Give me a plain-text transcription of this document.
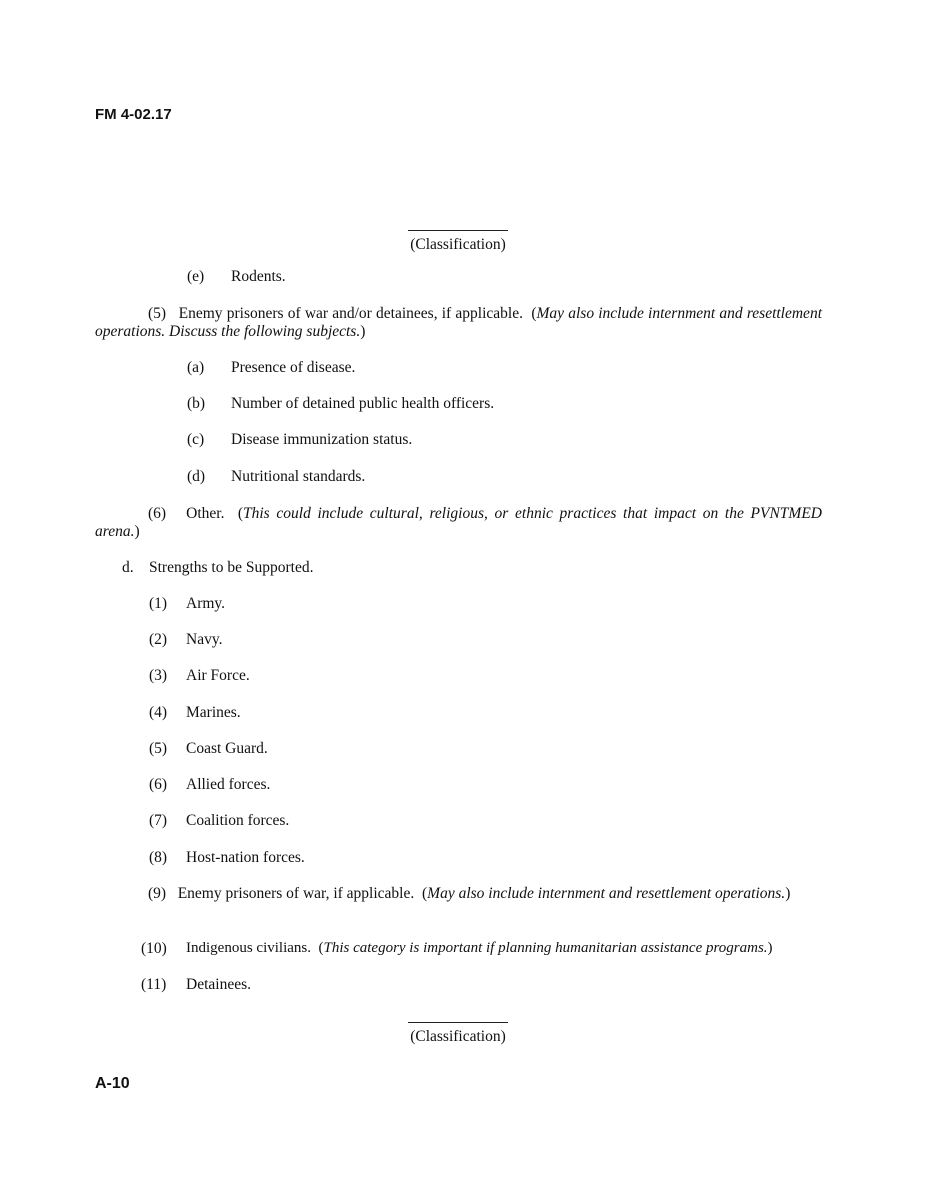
FM 4-02.17
(Classification)
(e) Rodents.
(5) Enemy prisoners of war and/or detainees, if applicable.  (May also include internment and resettlement operations. Discuss the following subjects.)
(a) Presence of disease.
(b) Number of detained public health officers.
(c) Disease immunization status.
(d) Nutritional standards.
(6) Other.  (This could include cultural, religious, or ethnic practices that impact on the PVNTMED arena.)
d. Strengths to be Supported.
(1) Army.
(2) Navy.
(3) Air Force.
(4) Marines.
(5) Coast Guard.
(6) Allied forces.
(7) Coalition forces.
(8) Host-nation forces.
(9) Enemy prisoners of war, if applicable.  (May also include internment and resettlement operations.)
(10) Indigenous civilians.  (This category is important if planning humanitarian assistance programs.)
(11) Detainees.
(Classification)
A-10
